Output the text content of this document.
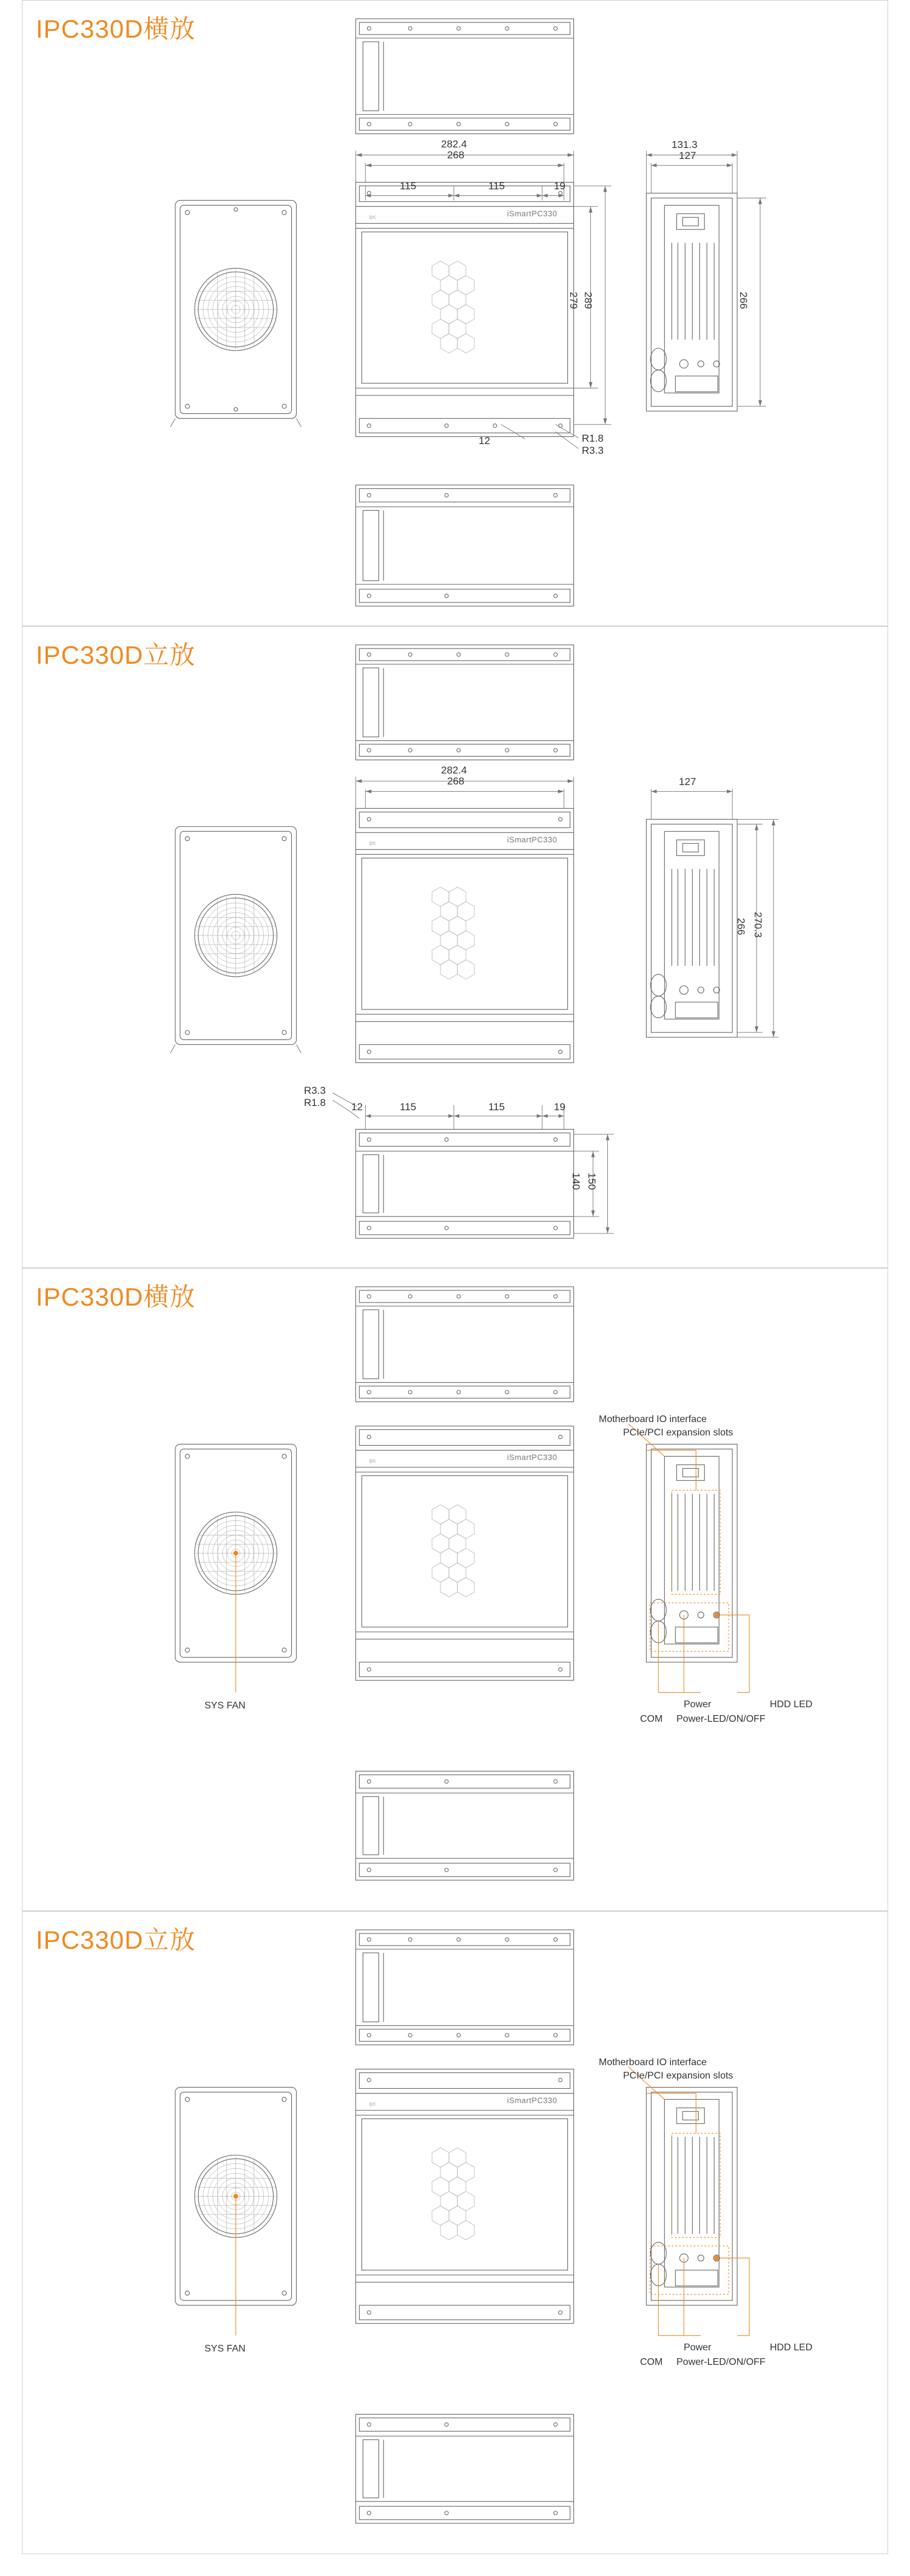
IPC330D横放
iSmartPC330
ipc
282.4
268
115	115	19
279 289
131.3
127
266
12	R1.8
R3.3
IPC330D立放
iSmartPC330
ipc
282.4
268	127
266 270.3
R3.3
R1.8 12	115	115	19
140 150
IPC330D横放
iSmartPC330
ipc
SYS FAN
Motherboard IO interface
PCIe/PCI expansion slots
Power	HDD LED
COM Power-LED/ON/OFF
IPC330D立放
iSmartPC330
ipc
SYS FAN
Motherboard IO interface
PCIe/PCI expansion slots
Power	HDD LED
COM Power-LED/ON/OFF
